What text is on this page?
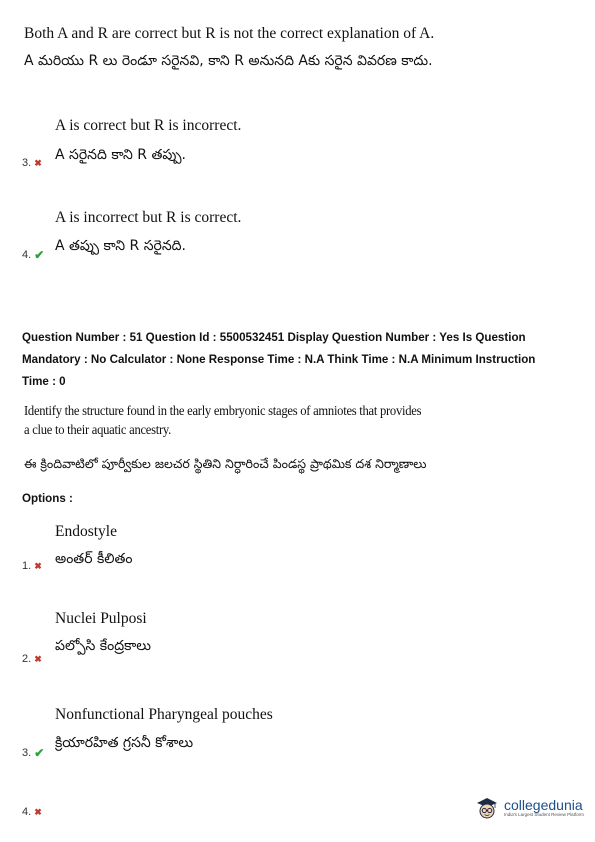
Both A and R are correct but R is not the correct explanation of A.
A మరియు R లు రెండూ సరైనవి, కాని R అనునది Aకు సరైన వివరణ కాదు.
A is correct but R is incorrect.
A సరైనది కాని R తప్పు.
3. ✖
A is incorrect but R is correct.
A తప్పు కాని R సరైనది.
4. ✔
Question Number : 51 Question Id : 5500532451 Display Question Number : Yes Is Question
Mandatory : No Calculator : None Response Time : N.A Think Time : N.A Minimum Instruction
Time : 0
Identify the structure found in the early embryonic stages of amniotes that provides
a clue to their aquatic ancestry.
ఈ క్రిందివాటిలో పూర్వీకుల జలచర స్థితిని నిర్ధారించే పిండస్థ ప్రాథమిక దశ నిర్మాణాలు
Options :
Endostyle
అంతర్ కీలితం
1. ✖
Nuclei Pulposi
పల్పోసి కేంద్రకాలు
2. ✖
Nonfunctional Pharyngeal pouches
క్రియారహిత గ్రసనీ కోశాలు
3. ✔
4. ✖	collegedunia
India's Largest Student Review Platform
